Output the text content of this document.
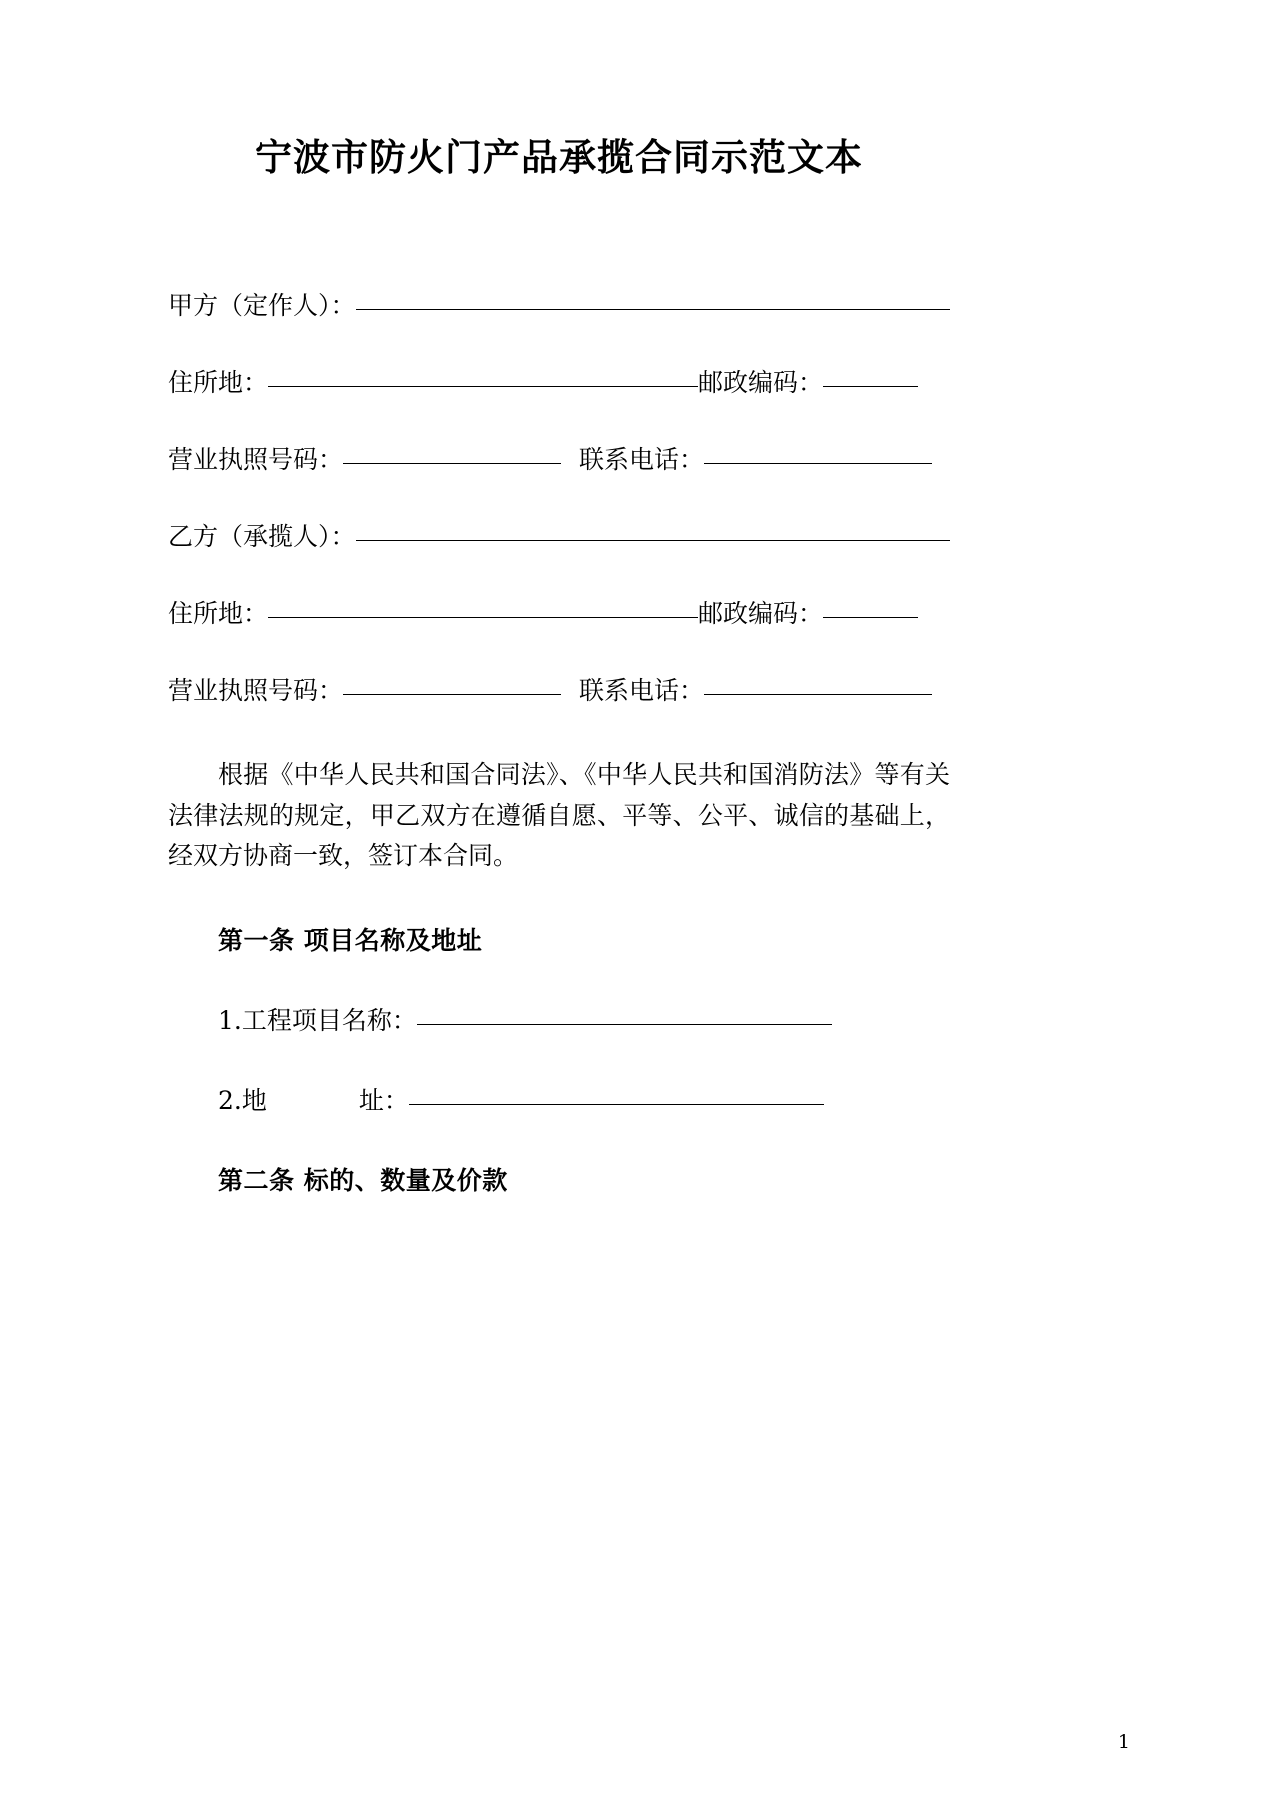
宁波市防火门产品承揽合同示范文本
甲方（定作人）：
住所地：	邮政编码：
营业执照号码：	联系电话：
乙方（承揽人）：
住所地：	邮政编码：
营业执照号码：	联系电话：

根据《中华人民共和国合同法》、《中华人民共和国消防法》等有关法律法规的规定，甲乙双方在遵循自愿、平等、公平、诚信的基础上，经双方协商一致，签订本合同。

第一条 项目名称及地址
1. 工程项目名称：
2. 地	址：
第二条 标的、数量及价款
1
